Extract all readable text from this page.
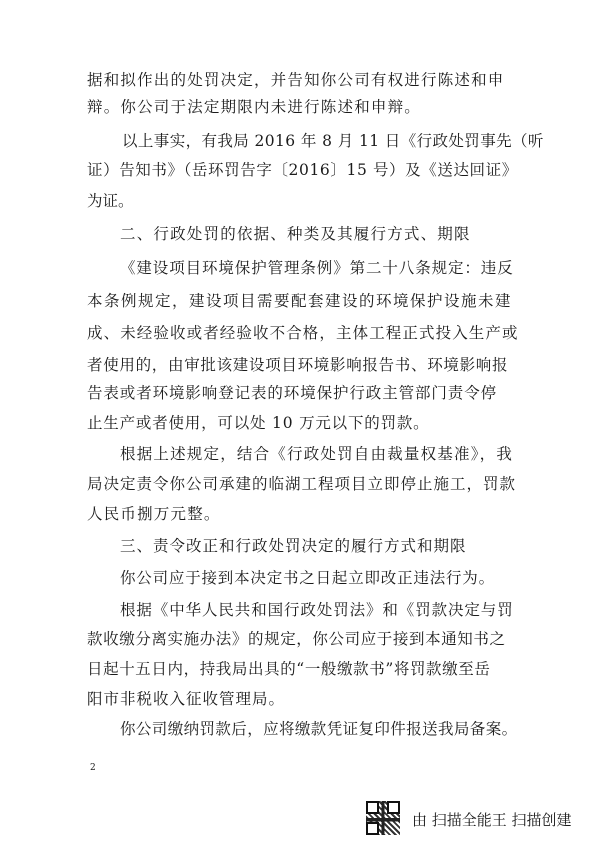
据和拟作出的处罚决定，并告知你公司有权进行陈述和申
辩。你公司于法定期限内未进行陈述和申辩。
以上事实，有我局 2016 年 8 月 11 日《行政处罚事先（听
证）告知书》（岳环罚告字〔2016〕15 号）及《送达回证》
为证。
二、行政处罚的依据、种类及其履行方式、期限
《建设项目环境保护管理条例》第二十八条规定：违反
本条例规定，建设项目需要配套建设的环境保护设施未建
成、未经验收或者经验收不合格，主体工程正式投入生产或
者使用的，由审批该建设项目环境影响报告书、环境影响报
告表或者环境影响登记表的环境保护行政主管部门责令停
止生产或者使用，可以处 10 万元以下的罚款。
根据上述规定，结合《行政处罚自由裁量权基准》，我
局决定责令你公司承建的临湖工程项目立即停止施工，罚款
人民币捌万元整。
三、责令改正和行政处罚决定的履行方式和期限
你公司应于接到本决定书之日起立即改正违法行为。
根据《中华人民共和国行政处罚法》和《罚款决定与罚
款收缴分离实施办法》的规定，你公司应于接到本通知书之
日起十五日内，持我局出具的“一般缴款书”将罚款缴至岳
阳市非税收入征收管理局。
你公司缴纳罚款后，应将缴款凭证复印件报送我局备案。
2
由 扫描全能王 扫描创建
